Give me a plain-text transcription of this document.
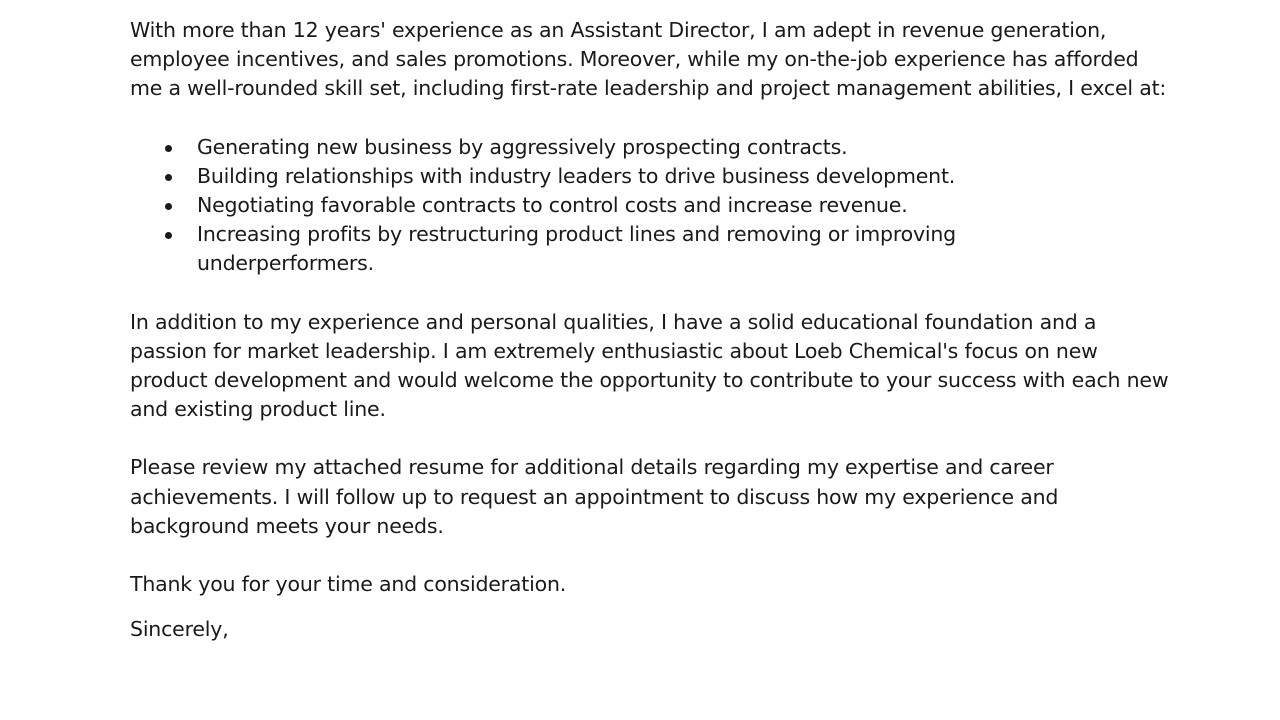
With more than 12 years' experience as an Assistant Director, I am adept in revenue generation, employee incentives, and sales promotions. Moreover, while my on-the-job experience has afforded me a well-rounded skill set, including first-rate leadership and project management abilities, I excel at:

Generating new business by aggressively prospecting contracts.
Building relationships with industry leaders to drive business development.
Negotiating favorable contracts to control costs and increase revenue.
Increasing profits by restructuring product lines and removing or improving underperformers.

In addition to my experience and personal qualities, I have a solid educational foundation and a passion for market leadership. I am extremely enthusiastic about Loeb Chemical's focus on new product development and would welcome the opportunity to contribute to your success with each new and existing product line.

Please review my attached resume for additional details regarding my expertise and career achievements. I will follow up to request an appointment to discuss how my experience and background meets your needs.

Thank you for your time and consideration.

Sincerely,
